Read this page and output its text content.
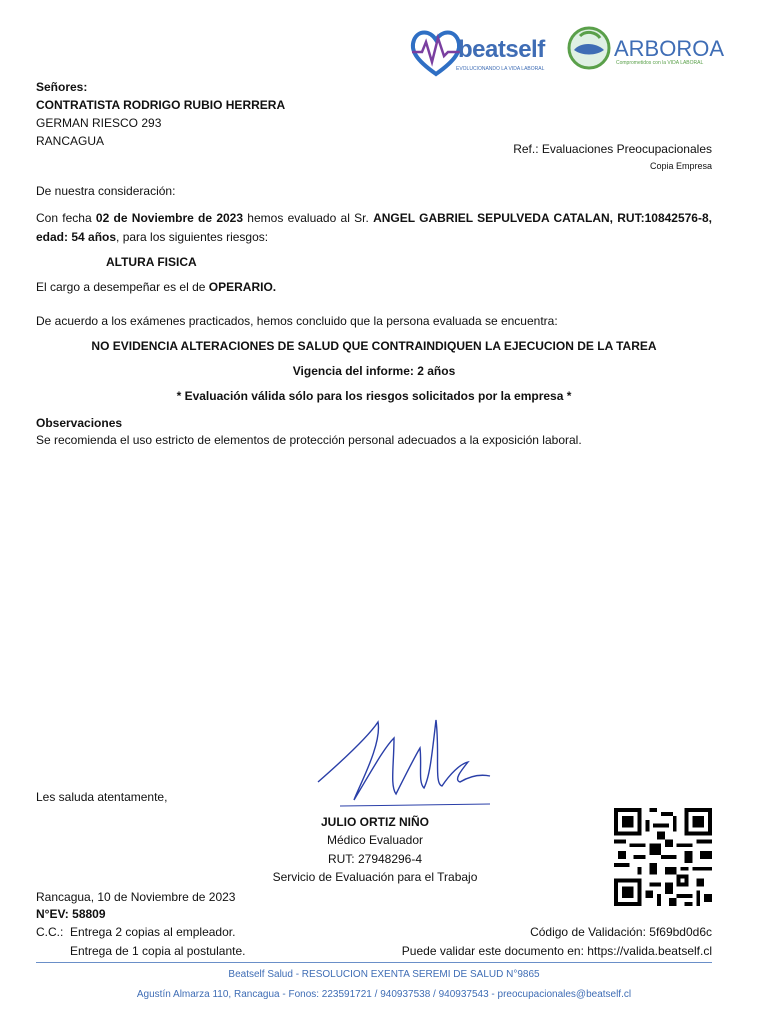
beatself
EVOLUCIONANDO LA VIDA LABORAL
ARBOROA
Comprometidos con la VIDA LABORAL
Señores:
CONTRATISTA RODRIGO RUBIO HERRERA
GERMAN RIESCO 293
RANCAGUA
Ref.: Evaluaciones Preocupacionales
Copia Empresa
De nuestra consideración:
Con fecha 02 de Noviembre de 2023 hemos evaluado al Sr. ANGEL GABRIEL SEPULVEDA CATALAN, RUT:10842576-8, edad: 54 años, para los siguientes riesgos:
ALTURA FISICA
El cargo a desempeñar es el de OPERARIO.
De acuerdo a los exámenes practicados, hemos concluido que la persona evaluada se encuentra:
NO EVIDENCIA ALTERACIONES DE SALUD QUE CONTRAINDIQUEN LA EJECUCION DE LA TAREA
Vigencia del informe: 2 años
* Evaluación válida sólo para los riesgos solicitados por la empresa *
Observaciones
Se recomienda el uso estricto de elementos de protección personal adecuados a la exposición laboral.
Les saluda atentamente,
JULIO ORTIZ NIÑO
Médico Evaluador
RUT: 27948296-4
Servicio de Evaluación para el Trabajo
Rancagua, 10 de Noviembre de 2023
N°EV: 58809
C.C.: Entrega 2 copias al empleador.
Entrega de 1 copia al postulante.
Código de Validación: 5f69bd0d6c
Puede validar este documento en: https://valida.beatself.cl
Beatself Salud - RESOLUCION EXENTA SEREMI DE SALUD N°9865
Agustín Almarza 110, Rancagua - Fonos: 223591721 / 940937538 / 940937543 - preocupacionales@beatself.cl
